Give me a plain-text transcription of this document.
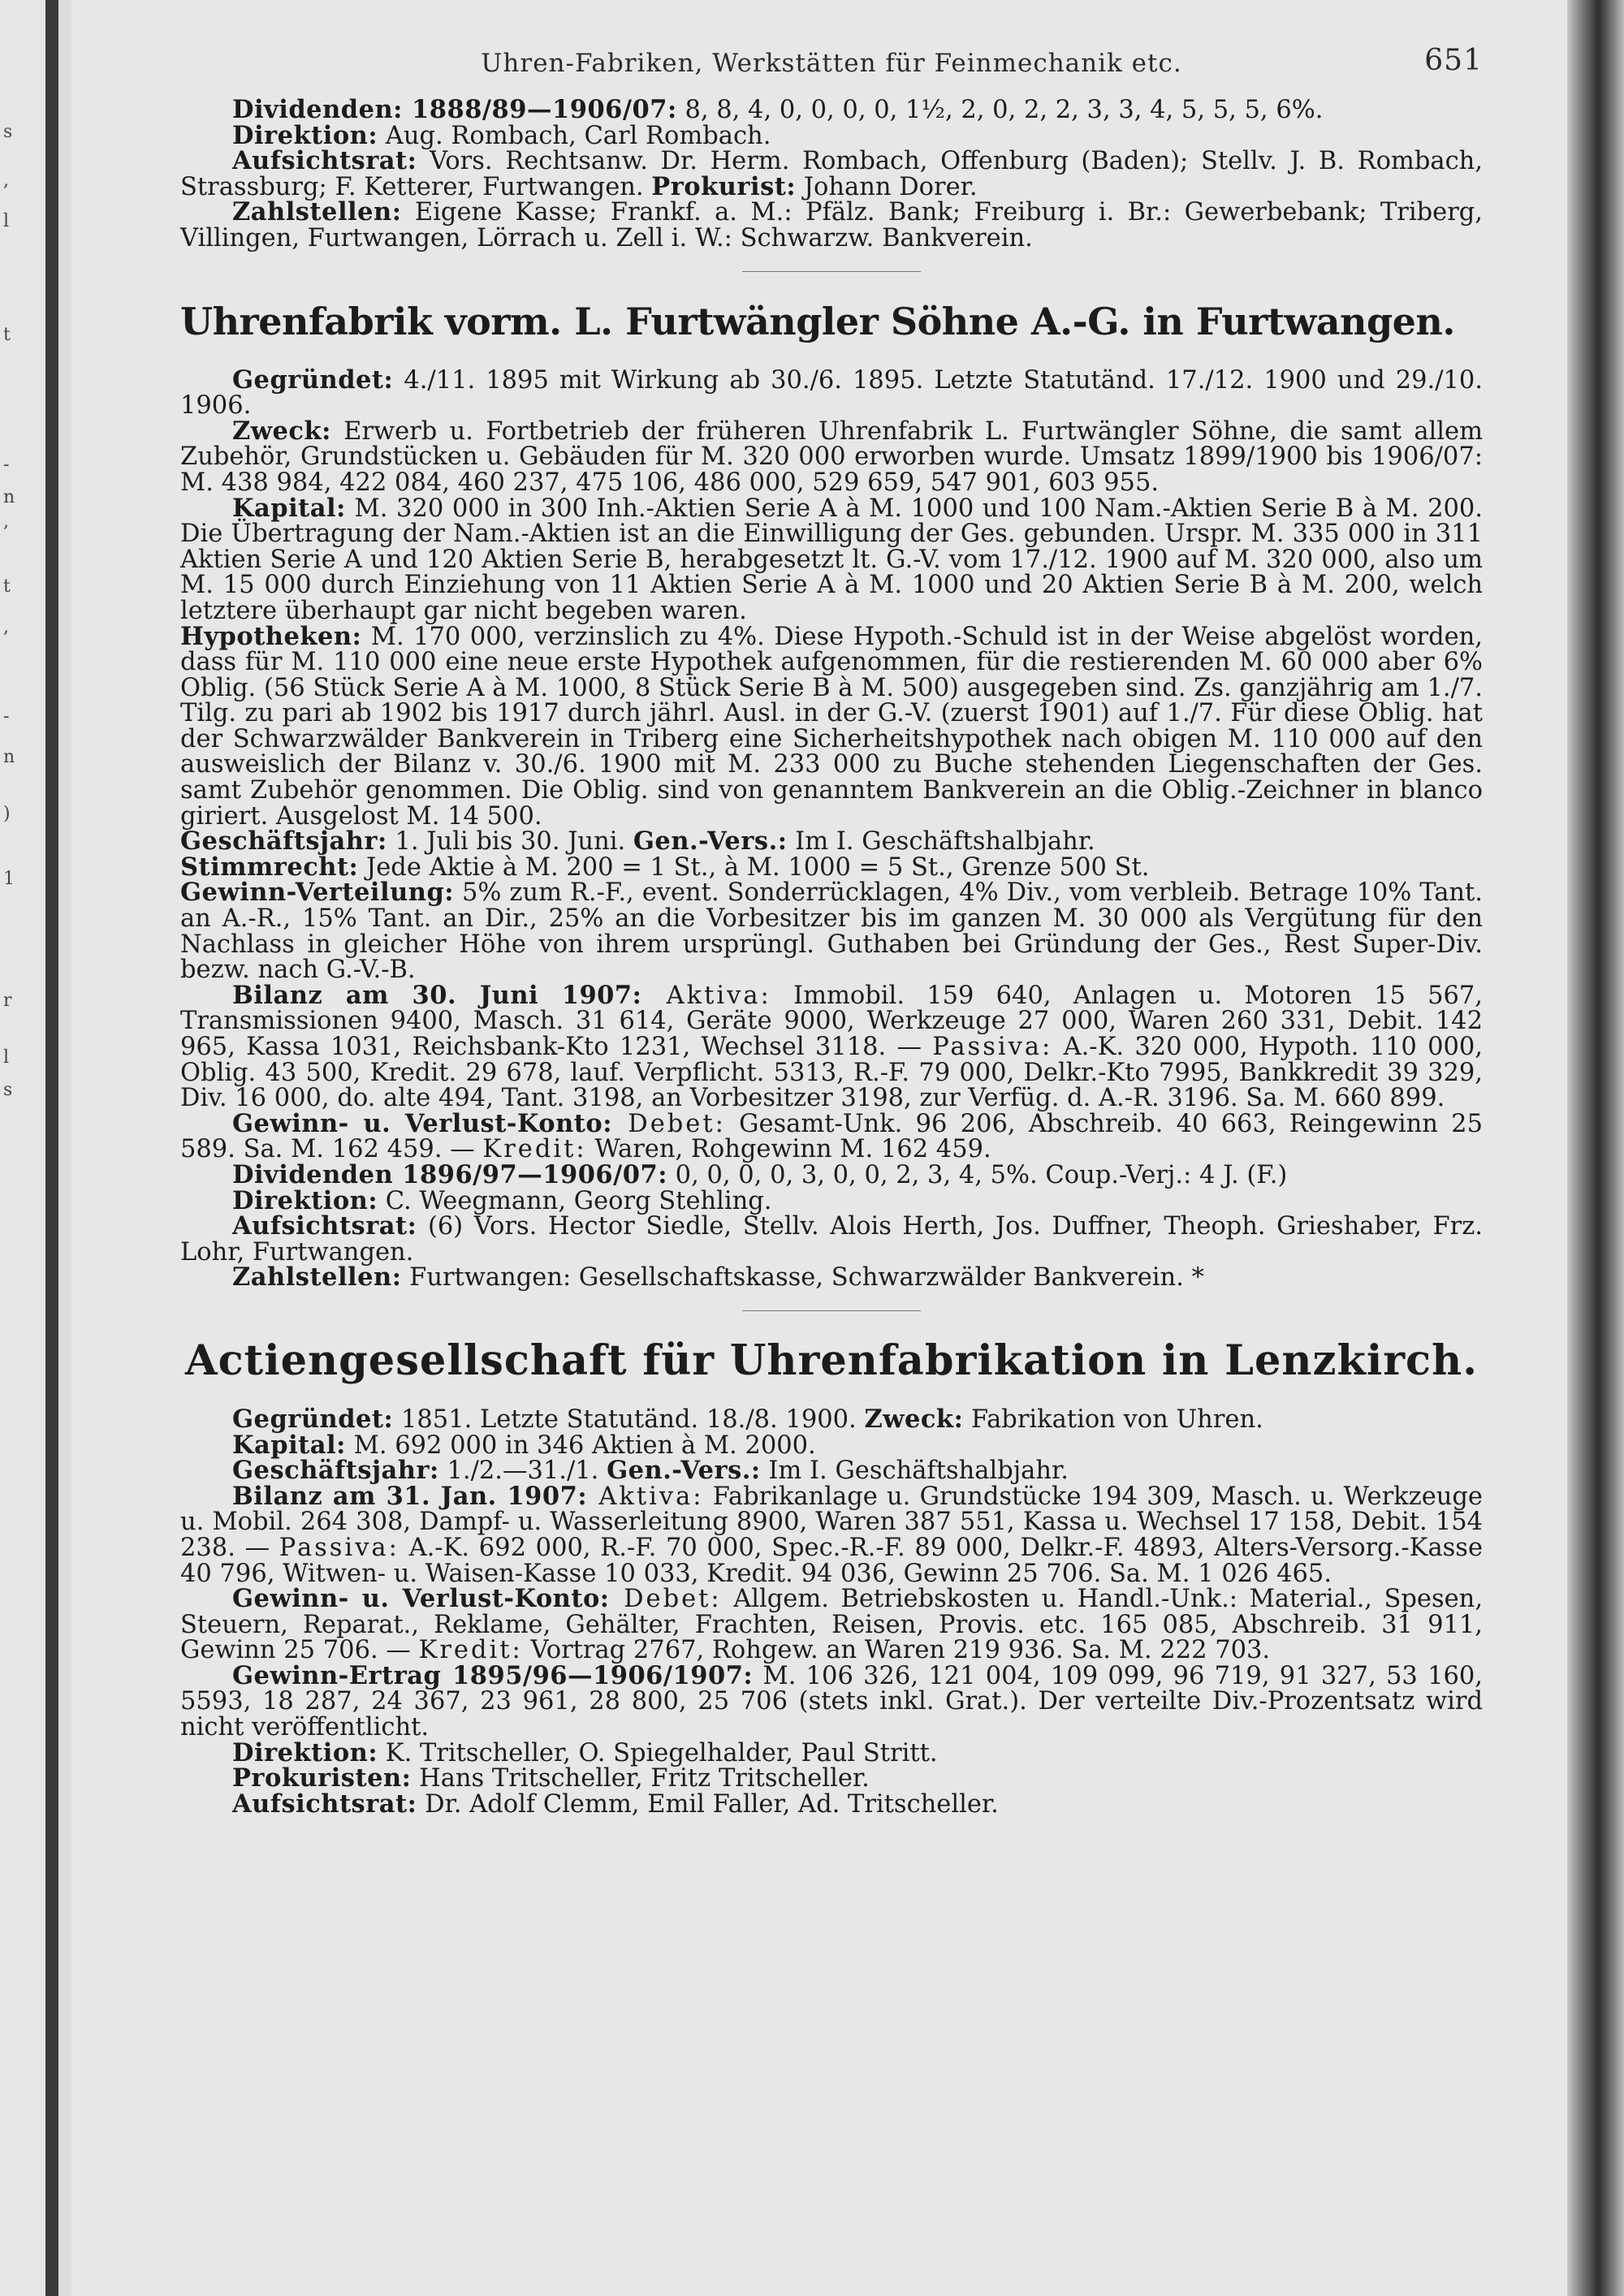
s
,
l
t
-
n
,
t
,
-
n
)
1
r
l
s
Uhren-Fabriken, Werkstätten für Feinmechanik etc.	651

Dividenden: 1888/89—1906/07: 8, 8, 4, 0, 0, 0, 0, 1½, 2, 0, 2, 2, 3, 3, 4, 5, 5, 5, 6%.

Direktion: Aug. Rombach, Carl Rombach.

Aufsichtsrat: Vors. Rechtsanw. Dr. Herm. Rombach, Offenburg (Baden); Stellv. J. B. Rombach, Strassburg; F. Ketterer, Furtwangen. Prokurist: Johann Dorer.

Zahlstellen: Eigene Kasse; Frankf. a. M.: Pfälz. Bank; Freiburg i. Br.: Gewerbebank; Triberg, Villingen, Furtwangen, Lörrach u. Zell i. W.: Schwarzw. Bankverein.

Uhrenfabrik vorm. L. Furtwängler Söhne A.-G. in Furtwangen.

Gegründet: 4./11. 1895 mit Wirkung ab 30./6. 1895. Letzte Statutänd. 17./12. 1900 und 29./10. 1906.

Zweck: Erwerb u. Fortbetrieb der früheren Uhrenfabrik L. Furtwängler Söhne, die samt allem Zubehör, Grundstücken u. Gebäuden für M. 320 000 erworben wurde. Umsatz 1899/1900 bis 1906/07: M. 438 984, 422 084, 460 237, 475 106, 486 000, 529 659, 547 901, 603 955.

Kapital: M. 320 000 in 300 Inh.-Aktien Serie A à M. 1000 und 100 Nam.-Aktien Serie B à M. 200. Die Übertragung der Nam.-Aktien ist an die Einwilligung der Ges. gebunden. Urspr. M. 335 000 in 311 Aktien Serie A und 120 Aktien Serie B, herabgesetzt lt. G.-V. vom 17./12. 1900 auf M. 320 000, also um M. 15 000 durch Einziehung von 11 Aktien Serie A à M. 1000 und 20 Aktien Serie B à M. 200, welch letztere überhaupt gar nicht begeben waren.

Hypotheken: M. 170 000, verzinslich zu 4%. Diese Hypoth.-Schuld ist in der Weise abgelöst worden, dass für M. 110 000 eine neue erste Hypothek aufgenommen, für die restierenden M. 60 000 aber 6% Oblig. (56 Stück Serie A à M. 1000, 8 Stück Serie B à M. 500) ausgegeben sind. Zs. ganzjährig am 1./7. Tilg. zu pari ab 1902 bis 1917 durch jährl. Ausl. in der G.-V. (zuerst 1901) auf 1./7. Für diese Oblig. hat der Schwarzwälder Bankverein in Triberg eine Sicherheitshypothek nach obigen M. 110 000 auf den ausweislich der Bilanz v. 30./6. 1900 mit M. 233 000 zu Buche stehenden Liegenschaften der Ges. samt Zubehör genommen. Die Oblig. sind von genanntem Bankverein an die Oblig.-Zeichner in blanco giriert. Ausgelost M. 14 500.

Geschäftsjahr: 1. Juli bis 30. Juni. Gen.-Vers.: Im I. Geschäftshalbjahr.

Stimmrecht: Jede Aktie à M. 200 = 1 St., à M. 1000 = 5 St., Grenze 500 St.

Gewinn-Verteilung: 5% zum R.-F., event. Sonderrücklagen, 4% Div., vom verbleib. Betrage 10% Tant. an A.-R., 15% Tant. an Dir., 25% an die Vorbesitzer bis im ganzen M. 30 000 als Vergütung für den Nachlass in gleicher Höhe von ihrem ursprüngl. Guthaben bei Gründung der Ges., Rest Super-Div. bezw. nach G.-V.-B.

Bilanz am 30. Juni 1907: Aktiva: Immobil. 159 640, Anlagen u. Motoren 15 567, Transmissionen 9400, Masch. 31 614, Geräte 9000, Werkzeuge 27 000, Waren 260 331, Debit. 142 965, Kassa 1031, Reichsbank-Kto 1231, Wechsel 3118. — Passiva: A.-K. 320 000, Hypoth. 110 000, Oblig. 43 500, Kredit. 29 678, lauf. Verpflicht. 5313, R.-F. 79 000, Delkr.-Kto 7995, Bankkredit 39 329, Div. 16 000, do. alte 494, Tant. 3198, an Vorbesitzer 3198, zur Verfüg. d. A.-R. 3196. Sa. M. 660 899.

Gewinn- u. Verlust-Konto: Debet: Gesamt-Unk. 96 206, Abschreib. 40 663, Reingewinn 25 589. Sa. M. 162 459. — Kredit: Waren, Rohgewinn M. 162 459.

Dividenden 1896/97—1906/07: 0, 0, 0, 0, 3, 0, 0, 2, 3, 4, 5%. Coup.-Verj.: 4 J. (F.)

Direktion: C. Weegmann, Georg Stehling.

Aufsichtsrat: (6) Vors. Hector Siedle, Stellv. Alois Herth, Jos. Duffner, Theoph. Grieshaber, Frz. Lohr, Furtwangen.

Zahlstellen: Furtwangen: Gesellschaftskasse, Schwarzwälder Bankverein. *

Actiengesellschaft für Uhrenfabrikation in Lenzkirch.

Gegründet: 1851. Letzte Statutänd. 18./8. 1900. Zweck: Fabrikation von Uhren.

Kapital: M. 692 000 in 346 Aktien à M. 2000.

Geschäftsjahr: 1./2.—31./1. Gen.-Vers.: Im I. Geschäftshalbjahr.

Bilanz am 31. Jan. 1907: Aktiva: Fabrikanlage u. Grundstücke 194 309, Masch. u. Werkzeuge u. Mobil. 264 308, Dampf- u. Wasserleitung 8900, Waren 387 551, Kassa u. Wechsel 17 158, Debit. 154 238. — Passiva: A.-K. 692 000, R.-F. 70 000, Spec.-R.-F. 89 000, Delkr.-F. 4893, Alters-Versorg.-Kasse 40 796, Witwen- u. Waisen-Kasse 10 033, Kredit. 94 036, Gewinn 25 706. Sa. M. 1 026 465.

Gewinn- u. Verlust-Konto: Debet: Allgem. Betriebskosten u. Handl.-Unk.: Material., Spesen, Steuern, Reparat., Reklame, Gehälter, Frachten, Reisen, Provis. etc. 165 085, Abschreib. 31 911, Gewinn 25 706. — Kredit: Vortrag 2767, Rohgew. an Waren 219 936. Sa. M. 222 703.

Gewinn-Ertrag 1895/96—1906/1907: M. 106 326, 121 004, 109 099, 96 719, 91 327, 53 160, 5593, 18 287, 24 367, 23 961, 28 800, 25 706 (stets inkl. Grat.). Der verteilte Div.-Prozentsatz wird nicht veröffentlicht.

Direktion: K. Tritscheller, O. Spiegelhalder, Paul Stritt.

Prokuristen: Hans Tritscheller, Fritz Tritscheller.

Aufsichtsrat: Dr. Adolf Clemm, Emil Faller, Ad. Tritscheller.
